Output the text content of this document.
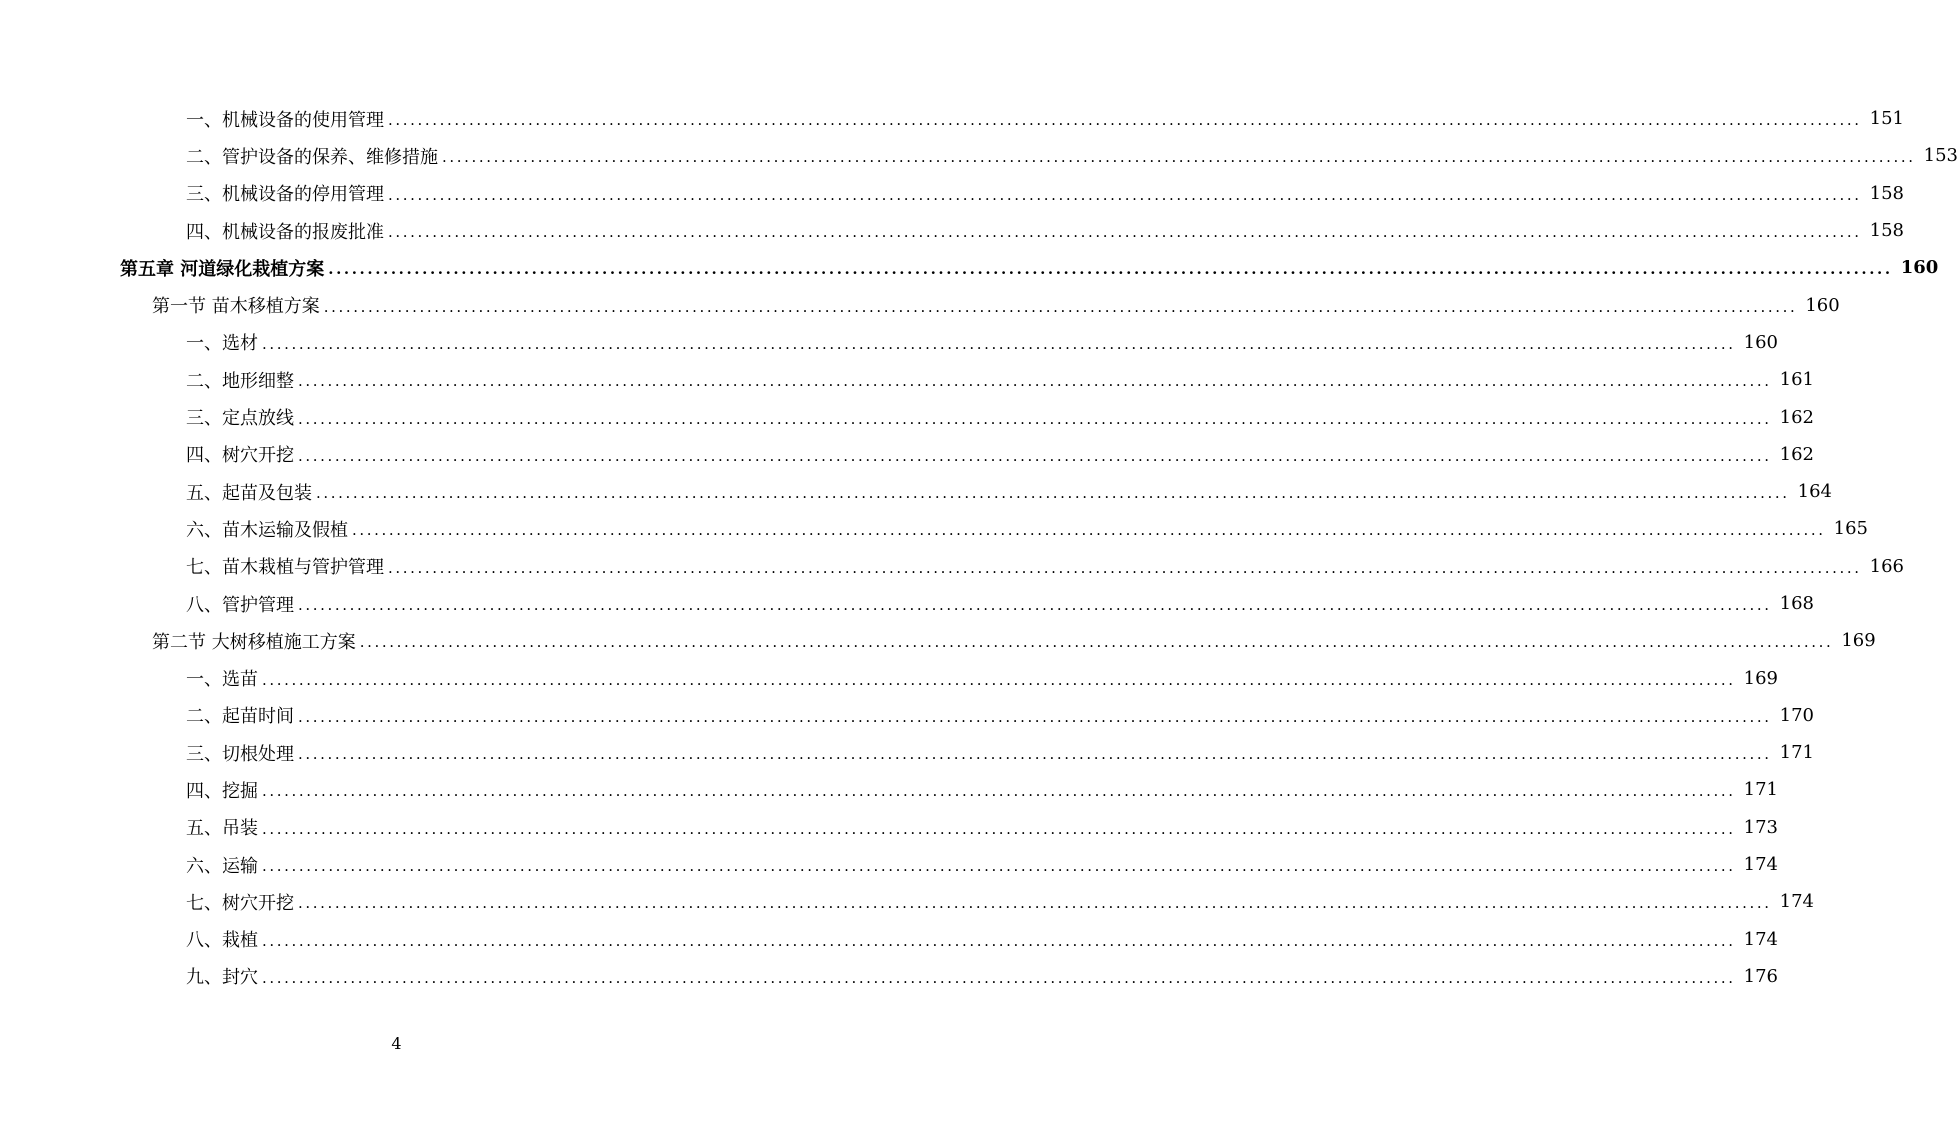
一、机械设备的使用管理 ........................................................................................................................................................................................................ 151
二、管护设备的保养、维修措施 ........................................................................................................................................................................................................ 153
三、机械设备的停用管理 ........................................................................................................................................................................................................ 158
四、机械设备的报废批准 ........................................................................................................................................................................................................ 158
第五章 河道绿化栽植方案 ........................................................................................................................................................................................................ 160
第一节 苗木移植方案 ........................................................................................................................................................................................................ 160
一、选材 ........................................................................................................................................................................................................ 160
二、地形细整 ........................................................................................................................................................................................................ 161
三、定点放线 ........................................................................................................................................................................................................ 162
四、树穴开挖 ........................................................................................................................................................................................................ 162
五、起苗及包装 ........................................................................................................................................................................................................ 164
六、苗木运输及假植 ........................................................................................................................................................................................................ 165
七、苗木栽植与管护管理 ........................................................................................................................................................................................................ 166
八、管护管理 ........................................................................................................................................................................................................ 168
第二节 大树移植施工方案 ........................................................................................................................................................................................................ 169
一、选苗 ........................................................................................................................................................................................................ 169
二、起苗时间 ........................................................................................................................................................................................................ 170
三、切根处理 ........................................................................................................................................................................................................ 171
四、挖掘 ........................................................................................................................................................................................................ 171
五、吊装 ........................................................................................................................................................................................................ 173
六、运输 ........................................................................................................................................................................................................ 174
七、树穴开挖 ........................................................................................................................................................................................................ 174
八、栽植 ........................................................................................................................................................................................................ 174
九、封穴 ........................................................................................................................................................................................................ 176
4
